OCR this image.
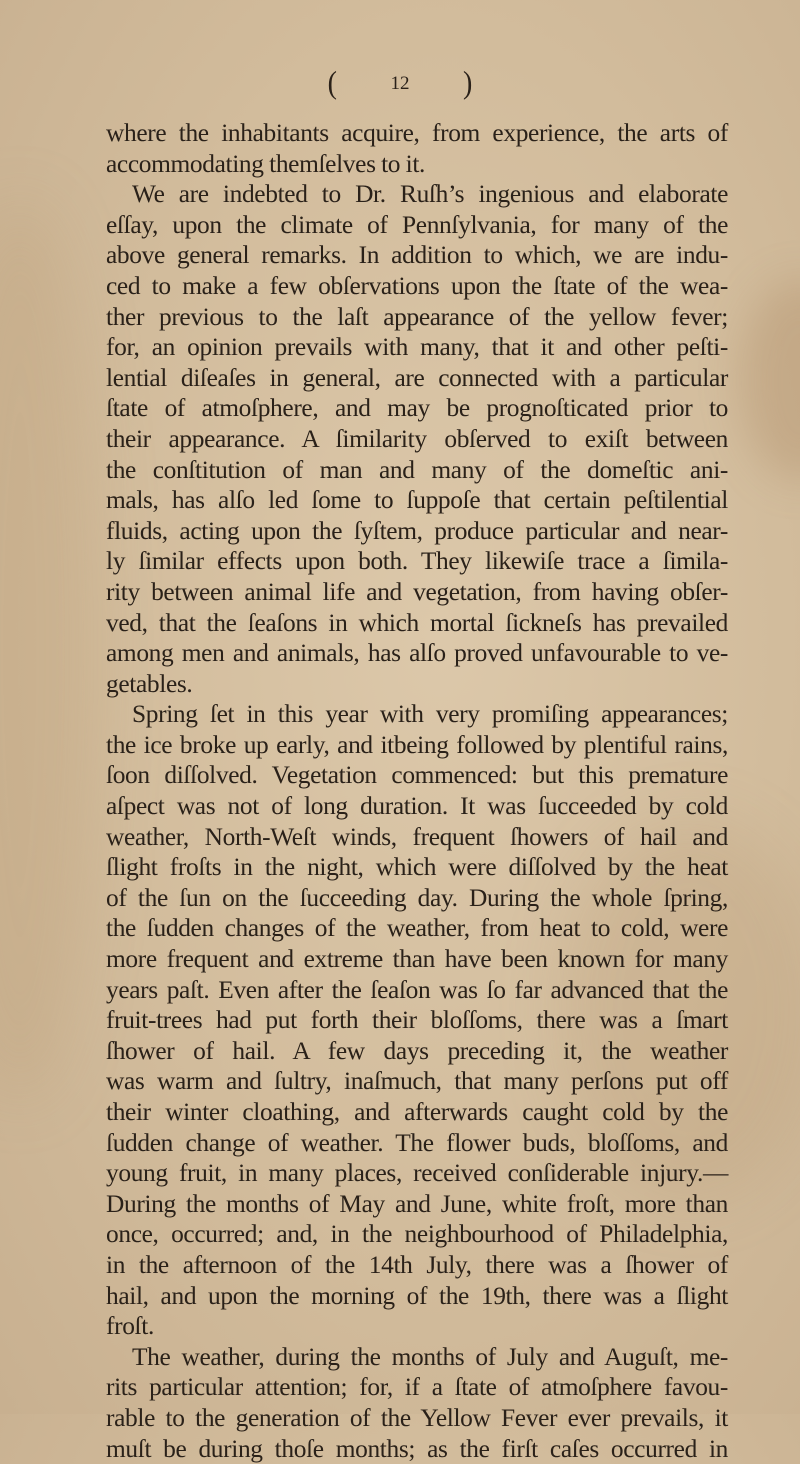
(	12 )
where the inhabitants acquire, from experience, the arts of
accommodating themſelves to it.
We are indebted to Dr. Ruſh’s ingenious and elaborate
eſſay, upon the climate of Pennſylvania, for many of the
above general remarks. In addition to which, we are indu-
ced to make a few obſervations upon the ſtate of the wea-
ther previous to the laſt appearance of the yellow fever;
for, an opinion prevails with many, that it and other peſti-
lential diſeaſes in general, are connected with a particular
ſtate of atmoſphere, and may be prognoſticated prior to
their appearance. A ſimilarity obſerved to exiſt between
the conſtitution of man and many of the domeſtic ani-
mals, has alſo led ſome to ſuppoſe that certain peſtilential
fluids, acting upon the ſyſtem, produce particular and near-
ly ſimilar effects upon both. They likewiſe trace a ſimila-
rity between animal life and vegetation, from having obſer-
ved, that the ſeaſons in which mortal ſickneſs has prevailed
among men and animals, has alſo proved unfavourable to ve-
getables.
Spring ſet in this year with very promiſing appearances;
the ice broke up early, and itbeing followed by plentiful rains,
ſoon diſſolved. Vegetation commenced: but this premature
aſpect was not of long duration. It was ſucceeded by cold
weather, North-Weſt winds, frequent ſhowers of hail and
ſlight froſts in the night, which were diſſolved by the heat
of the ſun on the ſucceeding day. During the whole ſpring,
the ſudden changes of the weather, from heat to cold, were
more frequent and extreme than have been known for many
years paſt. Even after the ſeaſon was ſo far advanced that the
fruit-trees had put forth their bloſſoms, there was a ſmart
ſhower of hail. A few days preceding it, the weather
was warm and ſultry, inaſmuch, that many perſons put off
their winter cloathing, and afterwards caught cold by the
ſudden change of weather. The flower buds, bloſſoms, and
young fruit, in many places, received conſiderable injury.—
During the months of May and June, white froſt, more than
once, occurred; and, in the neighbourhood of Philadelphia,
in the afternoon of the 14th July, there was a ſhower of
hail, and upon the morning of the 19th, there was a ſlight
froſt.
The weather, during the months of July and Auguſt, me-
rits particular attention; for, if a ſtate of atmoſphere favou-
rable to the generation of the Yellow Fever ever prevails, it
muſt be during thoſe months; as the firſt caſes occurred in
